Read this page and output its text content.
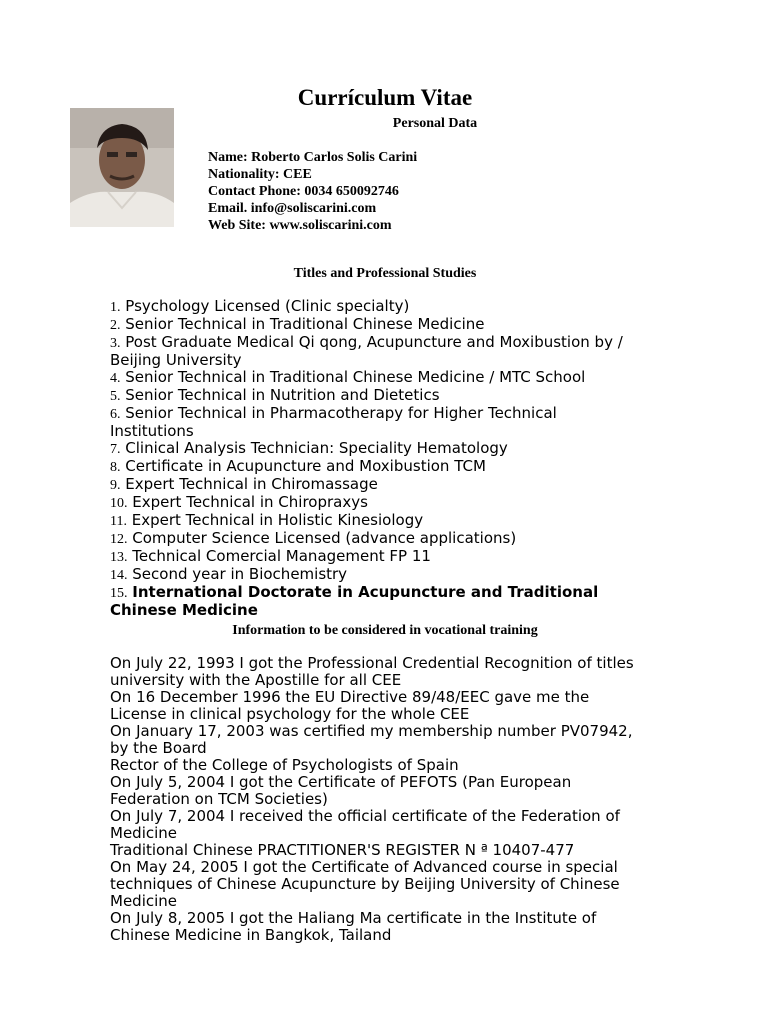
Currículum Vitae
Personal Data
Name: Roberto Carlos Solis Carini
Nationality: CEE
Contact Phone: 0034 650092746
Email. info@soliscarini.com
Web Site: www.soliscarini.com
Titles and Professional Studies
1. Psychology Licensed (Clinic specialty)
2. Senior Technical in Traditional Chinese Medicine
3. Post Graduate Medical Qi qong, Acupuncture and Moxibustion by /
Beijing University
4. Senior Technical in Traditional Chinese Medicine / MTC School
5. Senior Technical in Nutrition and Dietetics
6. Senior Technical in Pharmacotherapy for Higher Technical
Institutions
7. Clinical Analysis Technician: Speciality Hematology
8. Certificate in Acupuncture and Moxibustion TCM
9. Expert Technical in Chiromassage
10. Expert Technical in Chiropraxys
11. Expert Technical in Holistic Kinesiology
12. Computer Science Licensed (advance applications)
13. Technical Comercial Management FP 11
14. Second year in Biochemistry
15. International Doctorate in Acupuncture and Traditional
Chinese Medicine
Information to be considered in vocational training
On July 22, 1993 I got the Professional Credential Recognition of titles
university with the Apostille for all CEE
On 16 December 1996 the EU Directive 89/48/EEC gave me the
License in clinical psychology for the whole CEE
On January 17, 2003 was certified my membership number PV07942,
by the Board
Rector of the College of Psychologists of Spain
On July 5, 2004 I got the Certificate of PEFOTS (Pan European
Federation on TCM Societies)
On July 7, 2004 I received the official certificate of the Federation of
Medicine
Traditional Chinese PRACTITIONER'S REGISTER N ª 10407-477
On May 24, 2005 I got the Certificate of Advanced course in special
techniques of Chinese Acupuncture by Beijing University of Chinese
Medicine
On July 8, 2005 I got the Haliang Ma certificate in the Institute of
Chinese Medicine in Bangkok, Tailand
